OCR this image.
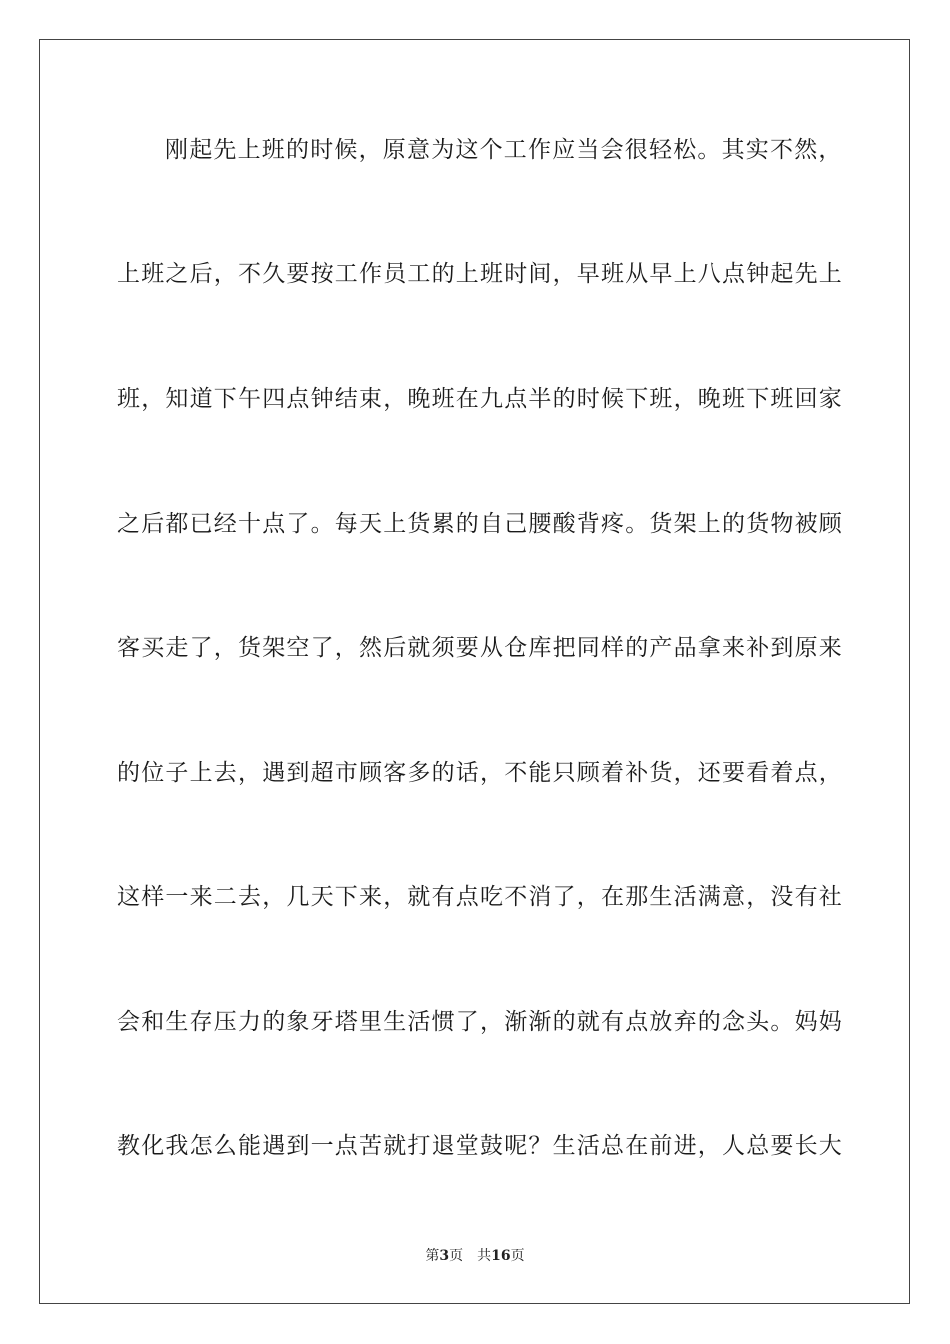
刚起先上班的时候，原意为这个工作应当会很轻松。其实不然，
上班之后，不久要按工作员工的上班时间，早班从早上八点钟起先上
班，知道下午四点钟结束，晚班在九点半的时候下班，晚班下班回家
之后都已经十点了。每天上货累的自己腰酸背疼。货架上的货物被顾
客买走了，货架空了，然后就须要从仓库把同样的产品拿来补到原来
的位子上去，遇到超市顾客多的话，不能只顾着补货，还要看着点，
这样一来二去，几天下来，就有点吃不消了，在那生活满意，没有社
会和生存压力的象牙塔里生活惯了，渐渐的就有点放弃的念头。妈妈
教化我怎么能遇到一点苦就打退堂鼓呢？生活总在前进，人总要长大
第3页 共16页
